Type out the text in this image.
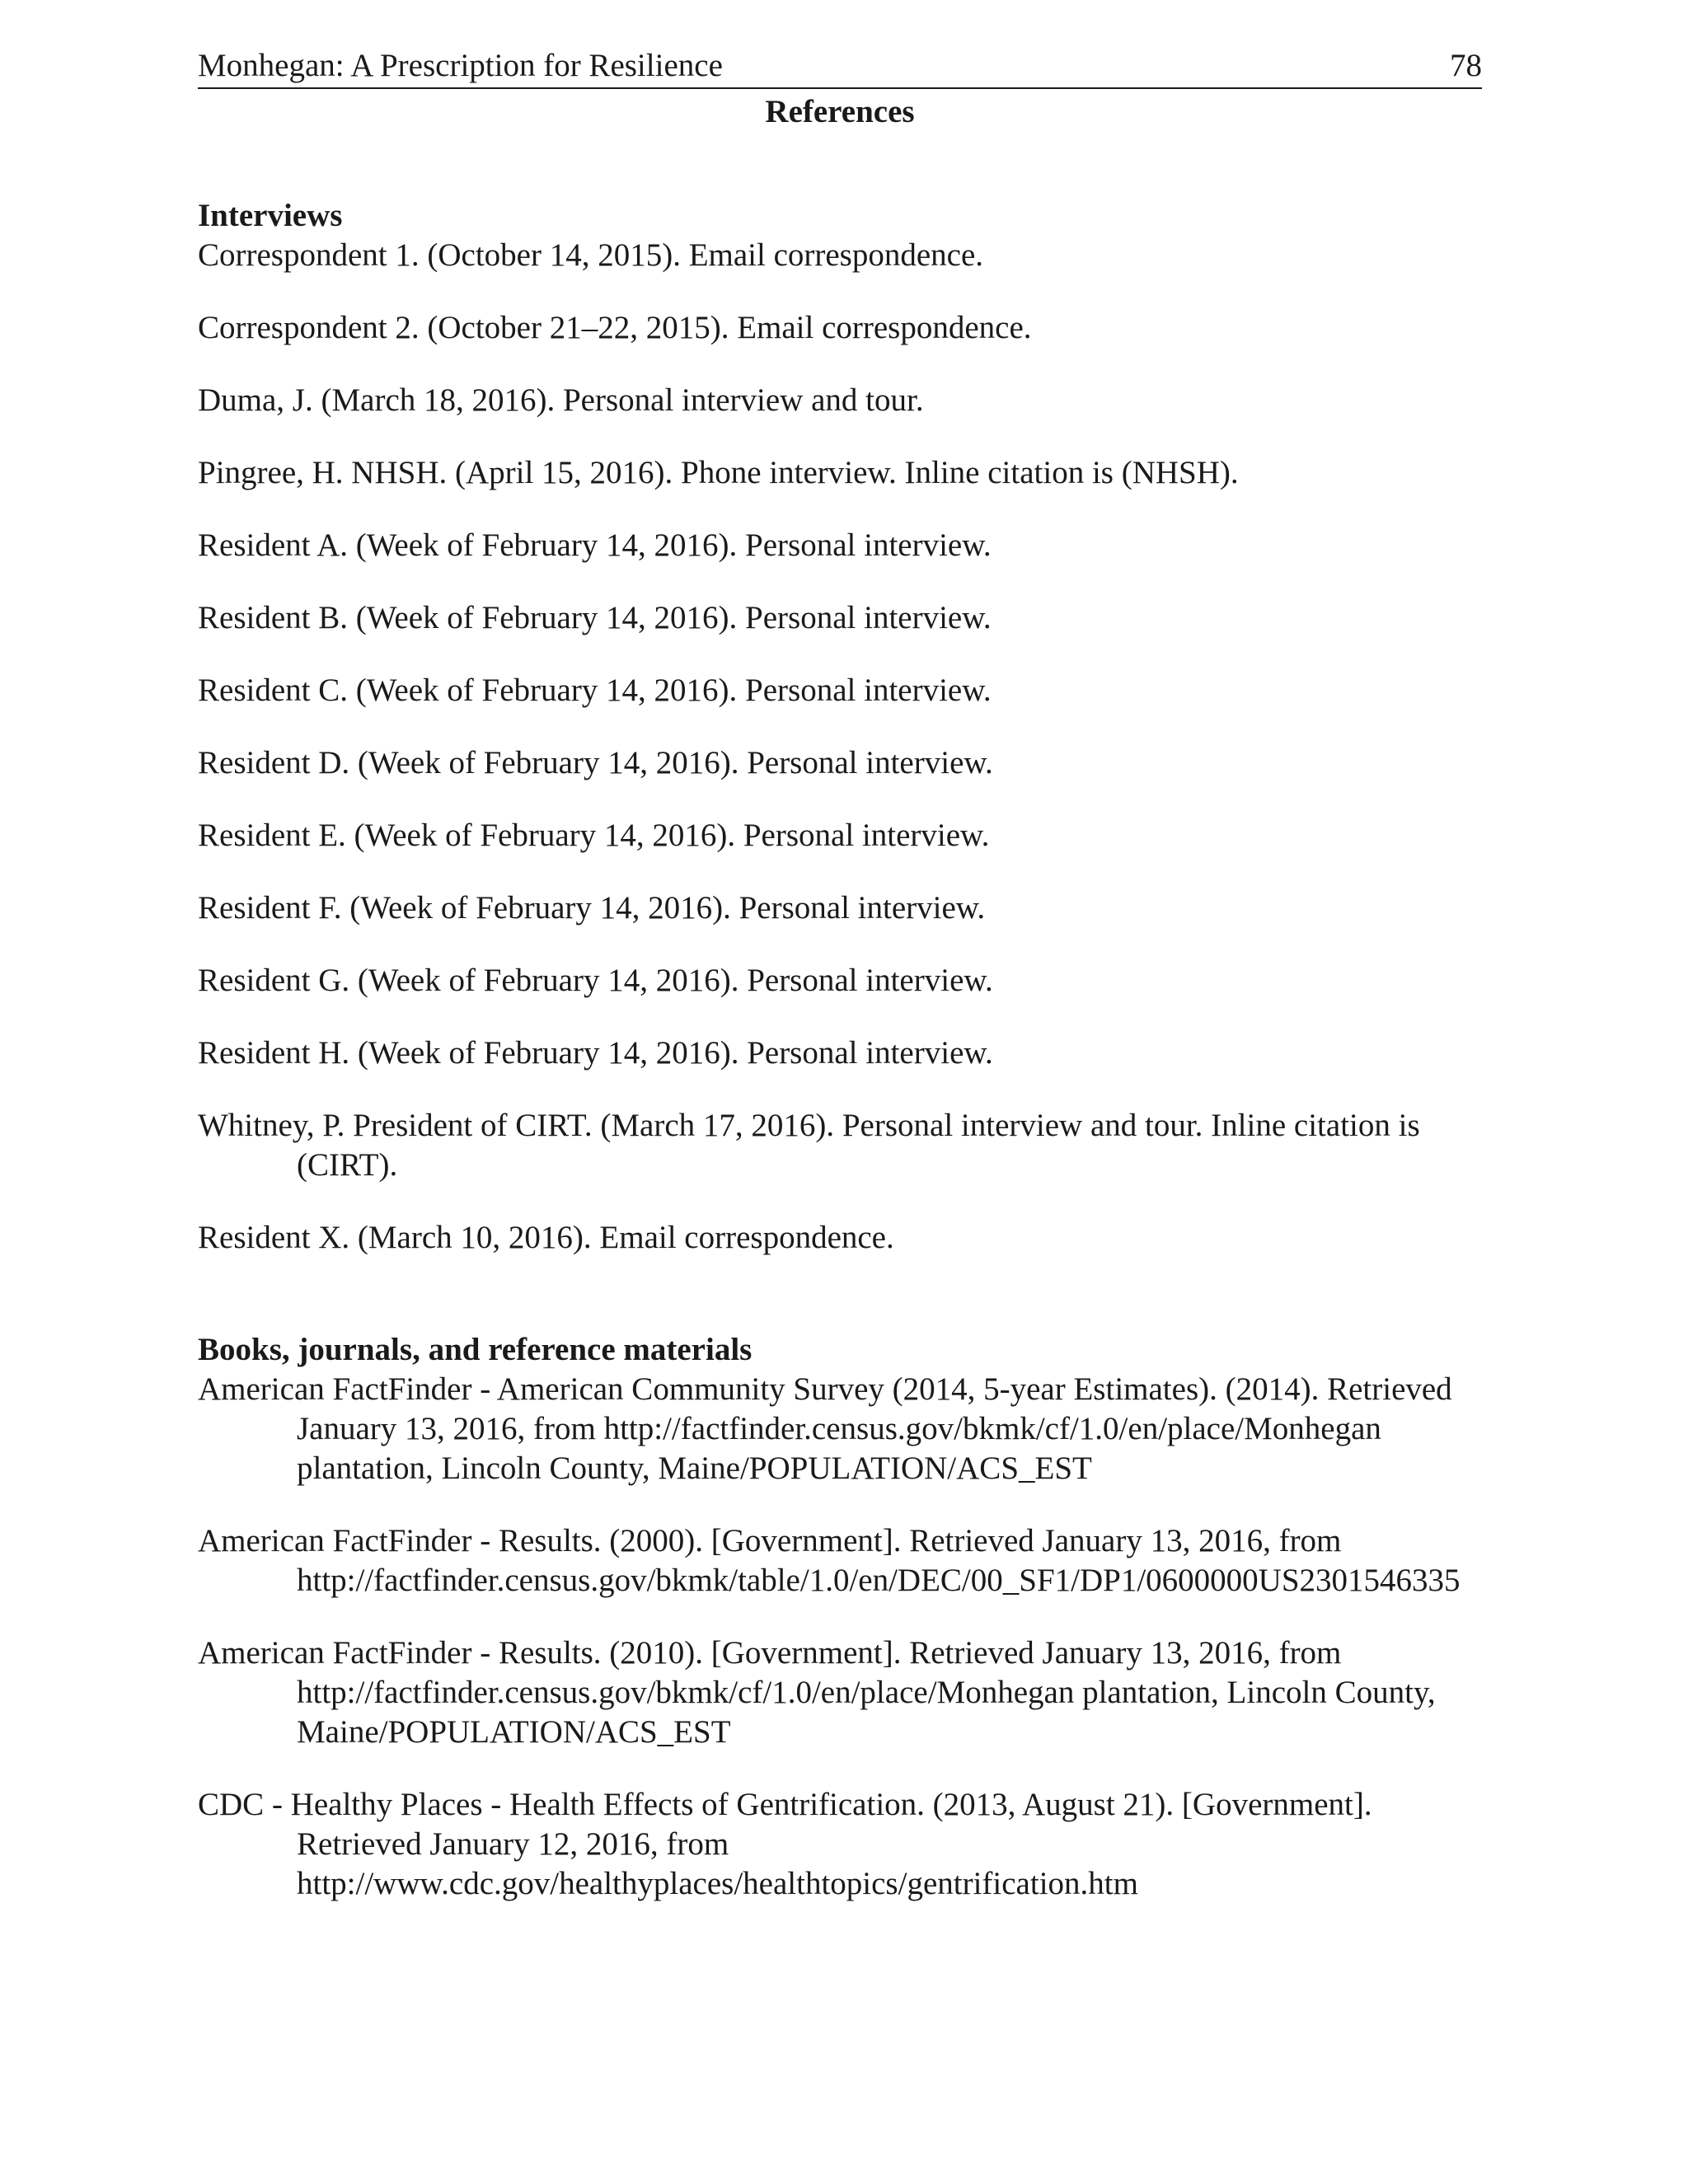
Monhegan: A Prescription for Resilience	78
References
Interviews

Correspondent 1. (October 14, 2015). Email correspondence.

Correspondent 2. (October 21–22, 2015). Email correspondence.

Duma, J. (March 18, 2016). Personal interview and tour.

Pingree, H. NHSH. (April 15, 2016). Phone interview. Inline citation is (NHSH).

Resident A. (Week of February 14, 2016). Personal interview.

Resident B. (Week of February 14, 2016). Personal interview.

Resident C. (Week of February 14, 2016). Personal interview.

Resident D. (Week of February 14, 2016). Personal interview.

Resident E. (Week of February 14, 2016). Personal interview.

Resident F. (Week of February 14, 2016). Personal interview.

Resident G. (Week of February 14, 2016). Personal interview.

Resident H. (Week of February 14, 2016). Personal interview.

Whitney, P. President of CIRT. (March 17, 2016). Personal interview and tour. Inline citation is (CIRT).

Resident X. (March 10, 2016). Email correspondence.

Books, journals, and reference materials

American FactFinder - American Community Survey (2014, 5-year Estimates). (2014). Retrieved January 13, 2016, from http://factfinder.census.gov/bkmk/cf/1.0/en/place/Monhegan plantation, Lincoln County, Maine/POPULATION/ACS_EST

American FactFinder - Results. (2000). [Government]. Retrieved January 13, 2016, from http://factfinder.census.gov/bkmk/table/1.0/en/DEC/00_SF1/DP1/0600000US2301546335

American FactFinder - Results. (2010). [Government]. Retrieved January 13, 2016, from http://factfinder.census.gov/bkmk/cf/1.0/en/place/Monhegan plantation, Lincoln County, Maine/POPULATION/ACS_EST

CDC - Healthy Places - Health Effects of Gentrification. (2013, August 21). [Government]. Retrieved January 12, 2016, from http://www.cdc.gov/healthyplaces/healthtopics/gentrification.htm
